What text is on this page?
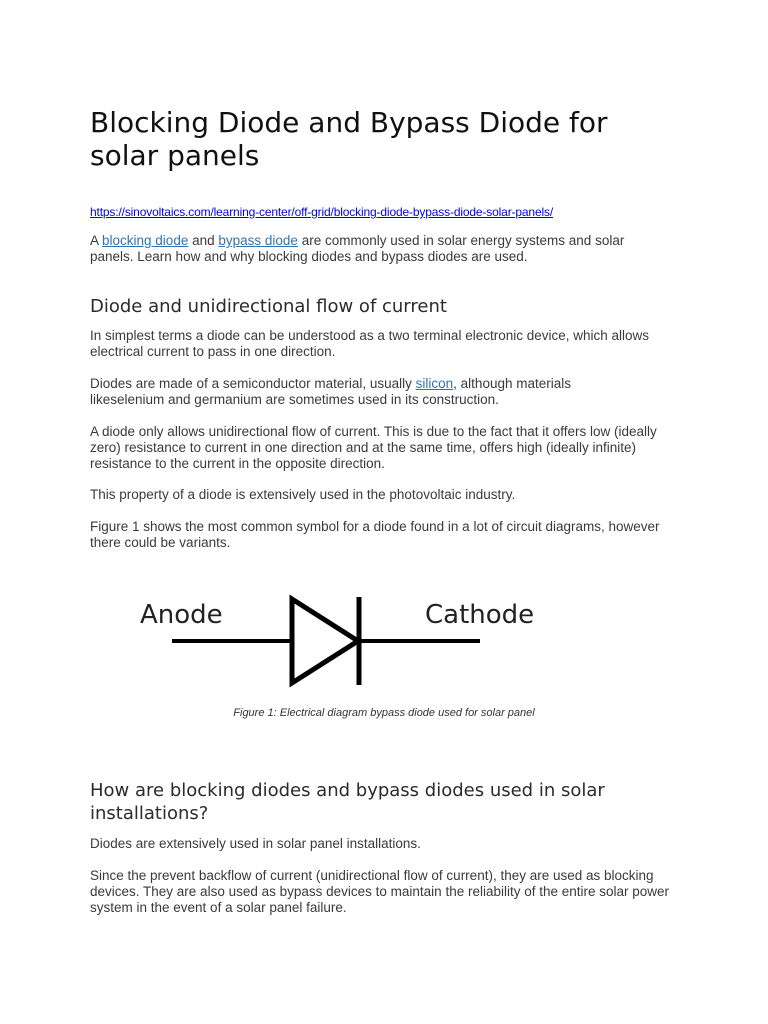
Blocking Diode and Bypass Diode for solar panels
https://sinovoltaics.com/learning-center/off-grid/blocking-diode-bypass-diode-solar-panels/

A blocking diode and bypass diode are commonly used in solar energy systems and solar panels. Learn how and why blocking diodes and bypass diodes are used.

Diode and unidirectional flow of current

In simplest terms a diode can be understood as a two terminal electronic device, which allows electrical current to pass in one direction.

Diodes are made of a semiconductor material, usually silicon, although materials
likeselenium and germanium are sometimes used in its construction.

A diode only allows unidirectional flow of current. This is due to the fact that it offers low (ideally zero) resistance to current in one direction and at the same time, offers high (ideally infinite) resistance to the current in the opposite direction.

This property of a diode is extensively used in the photovoltaic industry.

Figure 1 shows the most common symbol for a diode found in a lot of circuit diagrams, however there could be variants.

Anode	Cathode
Figure 1: Electrical diagram bypass diode used for solar panel
How are blocking diodes and bypass diodes used in solar installations?

Diodes are extensively used in solar panel installations.

Since the prevent backflow of current (unidirectional flow of current), they are used as blocking devices. They are also used as bypass devices to maintain the reliability of the entire solar power system in the event of a solar panel failure.
